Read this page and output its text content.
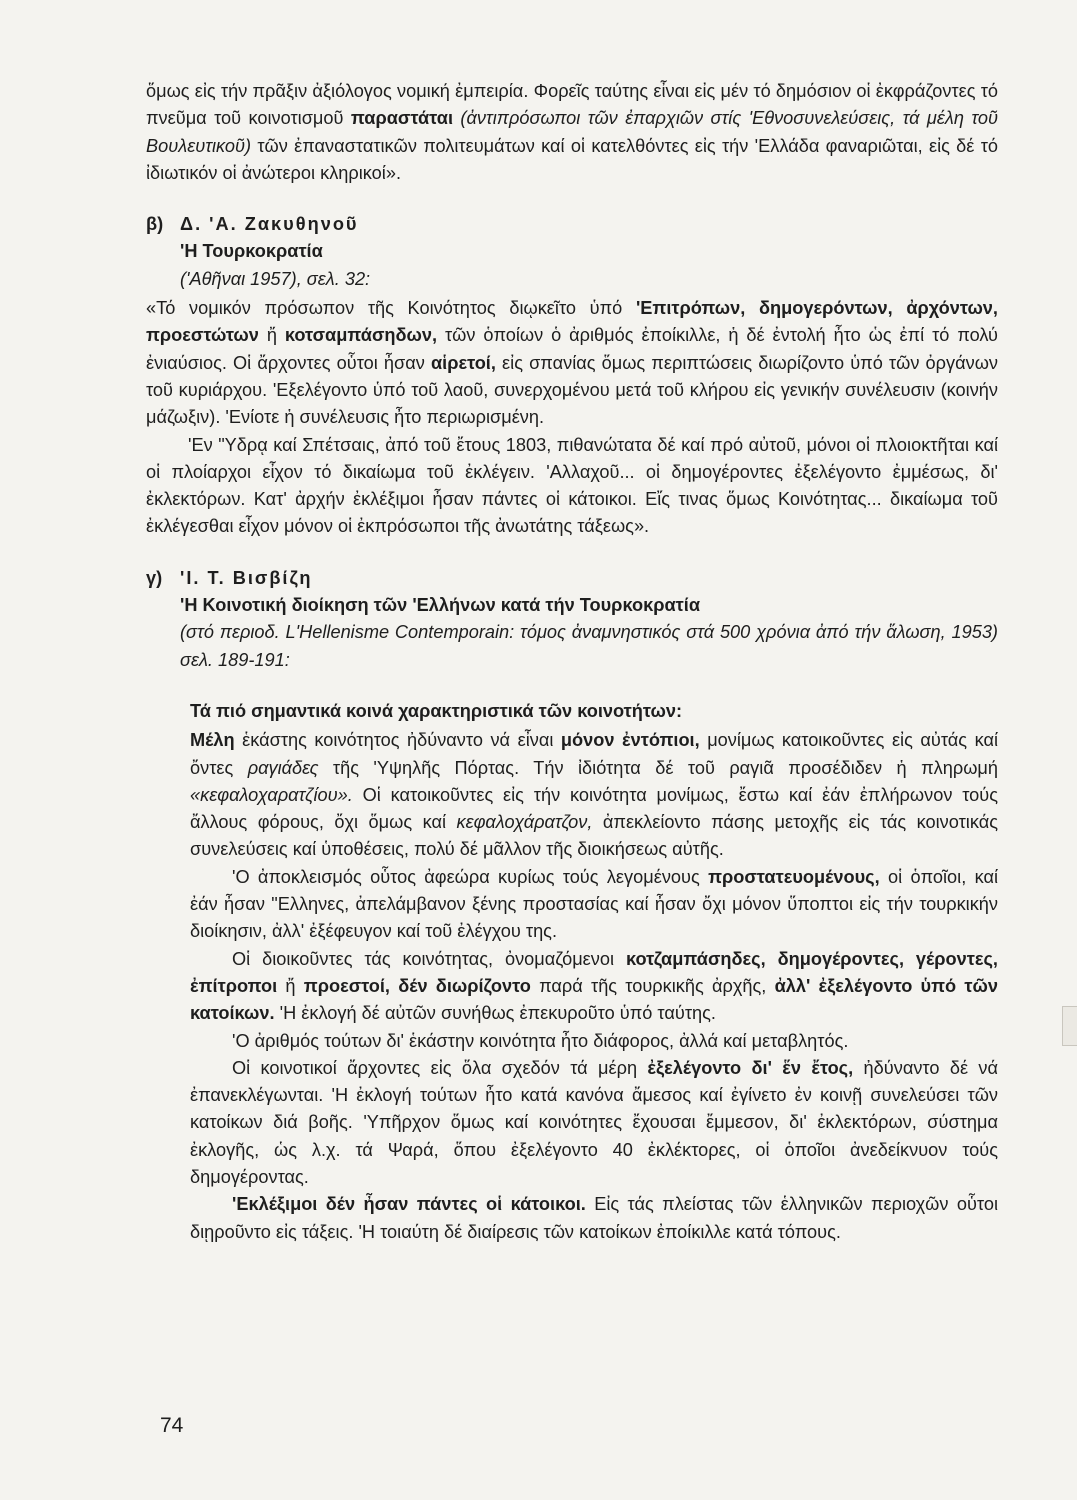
ὅμως εἰς τήν πρᾶξιν ἀξιόλογος νομική ἐμπειρία. Φορεῖς ταύτης εἶναι εἰς μέν τό δημόσιον οἱ ἐκφράζοντες τό πνεῦμα τοῦ κοινοτισμοῦ παραστάται (ἀντιπρόσωποι τῶν ἐπαρχιῶν στίς 'Εθνοσυνελεύσεις, τά μέλη τοῦ Βουλευτικοῦ) τῶν ἐπαναστατικῶν πολιτευμάτων καί οἱ κατελθόντες εἰς τήν 'Ελλάδα φαναριῶται, εἰς δέ τό ἰδιωτικόν οἱ ἀνώτεροι κληρικοί».

β) Δ. 'Α. Ζακυθηνοῦ
'Η Τουρκοκρατία
('Αθῆναι 1957), σελ. 32:

«Τό νομικόν πρόσωπον τῆς Κοινότητος διῳκεῖτο ὑπό 'Επιτρόπων, δημογερόντων, ἀρχόντων, προεστώτων ἤ κοτσαμπάσηδων, τῶν ὁποίων ὁ ἀριθμός ἐποίκιλλε, ἡ δέ ἐντολή ἦτο ὡς ἐπί τό πολύ ἐνιαύσιος. Οἱ ἄρχοντες οὗτοι ἦσαν αἱρετοί, εἰς σπανίας ὅμως περιπτώσεις διωρίζοντο ὑπό τῶν ὀργάνων τοῦ κυριάρχου. 'Εξελέγοντο ὑπό τοῦ λαοῦ, συνερχομένου μετά τοῦ κλήρου εἰς γενικήν συνέλευσιν (κοινήν μάζωξιν). 'Ενίοτε ἡ συνέλευσις ἦτο περιωρισμένη.

'Εν "Υδρᾳ καί Σπέτσαις, ἀπό τοῦ ἔτους 1803, πιθανώτατα δέ καί πρό αὐτοῦ, μόνοι οἱ πλοιοκτῆται καί οἱ πλοίαρχοι εἶχον τό δικαίωμα τοῦ ἐκλέγειν. 'Αλλαχοῦ... οἱ δημογέροντες ἐξελέγοντο ἐμμέσως, δι' ἐκλεκτόρων. Κατ' ἀρχήν ἐκλέξιμοι ἦσαν πάντες οἱ κάτοικοι. Εἴς τινας ὅμως Κοινότητας... δικαίωμα τοῦ ἐκλέγεσθαι εἶχον μόνον οἱ ἐκπρόσωποι τῆς ἀνωτάτης τάξεως».

γ) 'Ι. Τ. Βισβίζη
'Η Κοινοτική διοίκηση τῶν 'Ελλήνων κατά τήν Τουρκοκρατία
(στό περιοδ. L'Hellenisme Contemporain: τόμος ἀναμνηστικός στά 500 χρόνια ἀπό τήν ἅλωση, 1953) σελ. 189-191:
Τά πιό σημαντικά κοινά χαρακτηριστικά τῶν κοινοτήτων:

Μέλη ἑκάστης κοινότητος ἠδύναντο νά εἶναι μόνον ἐντόπιοι, μονίμως κατοικοῦντες εἰς αὐτάς καί ὄντες ραγιάδες τῆς 'Υψηλῆς Πόρτας. Τήν ἰδιότητα δέ τοῦ ραγιᾶ προσέδιδεν ἡ πληρωμή «κεφαλοχαρατζίου». Οἱ κατοικοῦντες εἰς τήν κοινότητα μονίμως, ἔστω καί ἐάν ἐπλήρωνον τούς ἄλλους φόρους, ὄχι ὅμως καί κεφαλοχάρατζον, ἀπεκλείοντο πάσης μετοχῆς εἰς τάς κοινοτικάς συνελεύσεις καί ὑποθέσεις, πολύ δέ μᾶλλον τῆς διοικήσεως αὐτῆς.

'Ο ἀποκλεισμός οὗτος ἀφεώρα κυρίως τούς λεγομένους προστατευομένους, οἱ ὁποῖοι, καί ἐάν ἦσαν "Ελληνες, ἀπελάμβανον ξένης προστασίας καί ἦσαν ὄχι μόνον ὕποπτοι εἰς τήν τουρκικήν διοίκησιν, ἀλλ' ἐξέφευγον καί τοῦ ἐλέγχου της.

Οἱ διοικοῦντες τάς κοινότητας, ὀνομαζόμενοι κοτζαμπάσηδες, δημογέροντες, γέροντες, ἐπίτροποι ἤ προεστοί, δέν διωρίζοντο παρά τῆς τουρκικῆς ἀρχῆς, ἀλλ' ἐξελέγοντο ὑπό τῶν κατοίκων. 'Η ἐκλογή δέ αὐτῶν συνήθως ἐπεκυροῦτο ὑπό ταύτης.

'Ο ἀριθμός τούτων δι' ἑκάστην κοινότητα ἦτο διάφορος, ἀλλά καί μεταβλητός.

Οἱ κοινοτικοί ἄρχοντες εἰς ὅλα σχεδόν τά μέρη ἐξελέγοντο δι' ἕν ἔτος, ἠδύναντο δέ νά ἐπανεκλέγωνται. 'Η ἐκλογή τούτων ἦτο κατά κανόνα ἄμεσος καί ἐγίνετο ἐν κοινῇ συνελεύσει τῶν κατοίκων διά βοῆς. 'Υπῆρχον ὅμως καί κοινότητες ἔχουσαι ἔμμεσον, δι' ἐκλεκτόρων, σύστημα ἐκλογῆς, ὡς λ.χ. τά Ψαρά, ὅπου ἐξελέγοντο 40 ἐκλέκτορες, οἱ ὁποῖοι ἀνεδείκνυον τούς δημογέροντας.

'Εκλέξιμοι δέν ἦσαν πάντες οἱ κάτοικοι. Εἰς τάς πλείστας τῶν ἑλληνικῶν περιοχῶν οὗτοι διῃροῦντο εἰς τάξεις. 'Η τοιαύτη δέ διαίρεσις τῶν κατοίκων ἐποίκιλλε κατά τόπους.

74
